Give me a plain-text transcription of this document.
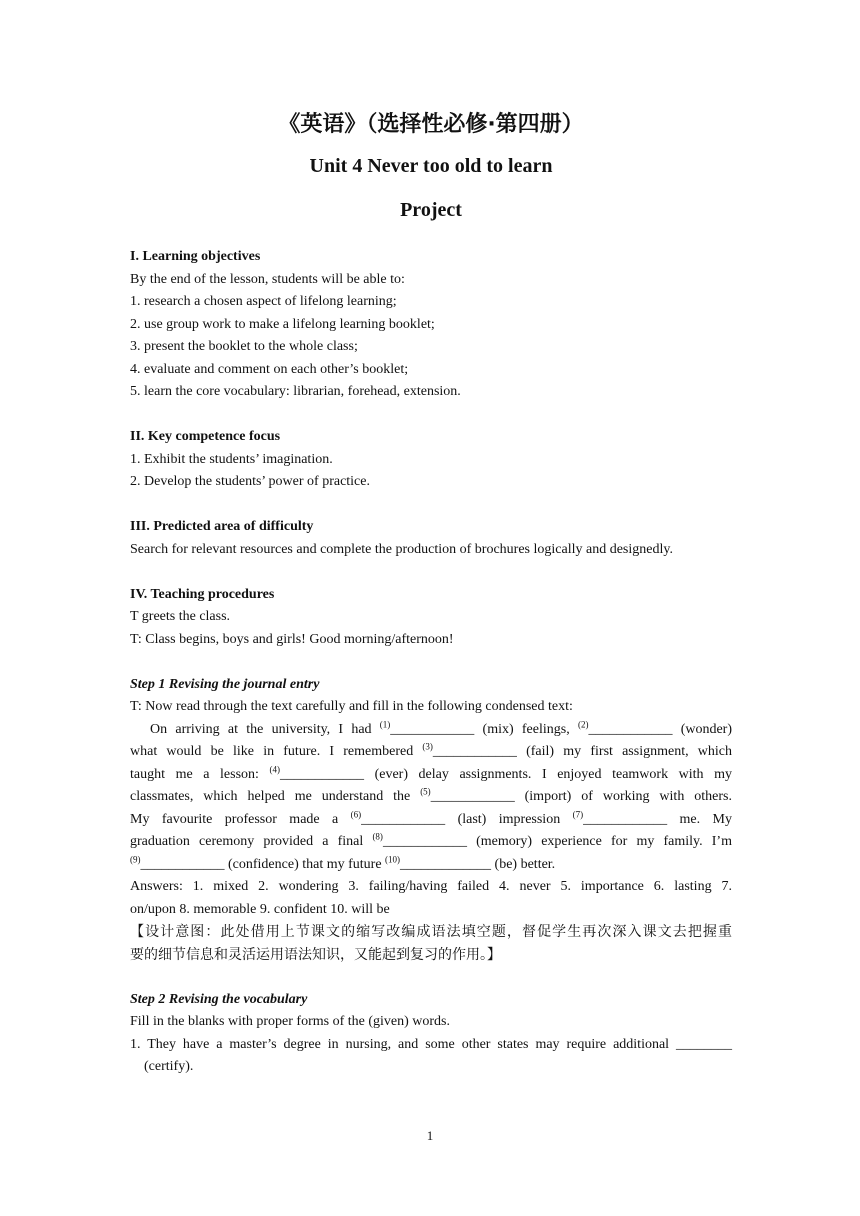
《英语》（选择性必修·第四册）
Unit 4 Never too old to learn
Project
I. Learning objectives
By the end of the lesson, students will be able to:
1. research a chosen aspect of lifelong learning;
2. use group work to make a lifelong learning booklet;
3. present the booklet to the whole class;
4. evaluate and comment on each other’s booklet;
5. learn the core vocabulary: librarian, forehead, extension.
II. Key competence focus
1. Exhibit the students’ imagination.
2. Develop the students’ power of practice.
III. Predicted area of difficulty
Search for relevant resources and complete the production of brochures logically and designedly.
IV. Teaching procedures
T greets the class.
T: Class begins, boys and girls! Good morning/afternoon!
Step 1 Revising the journal entry
T: Now read through the text carefully and fill in the following condensed text:
On arriving at the university, I had $^{(1)}$____________ (mix) feelings, $^{(2)}$____________ (wonder)
what would be like in future. I remembered $^{(3)}$____________ (fail) my first assignment, which
taught me a lesson: $^{(4)}$____________ (ever) delay assignments. I enjoyed teamwork with my
classmates, which helped me understand the $^{(5)}$____________ (import) of working with others.
My favourite professor made a $^{(6)}$____________ (last) impression $^{(7)}$____________ me. My
graduation ceremony provided a final $^{(8)}$____________ (memory) experience for my family. I’m
$^{(9)}$____________ (confidence) that my future $^{(10)}$_____________ (be) better.
Answers: 1. mixed 2. wondering 3. failing/having failed 4. never 5. importance 6. lasting 7.
on/upon 8. memorable 9. confident 10. will be
【设计意图：此处借用上节课文的缩写改编成语法填空题，督促学生再次深入课文去把握重
要的细节信息和灵活运用语法知识，又能起到复习的作用。】
Step 2 Revising the vocabulary
Fill in the blanks with proper forms of the (given) words.
1. They have a master’s degree in nursing, and some other states may require additional ________
(certify).
1
